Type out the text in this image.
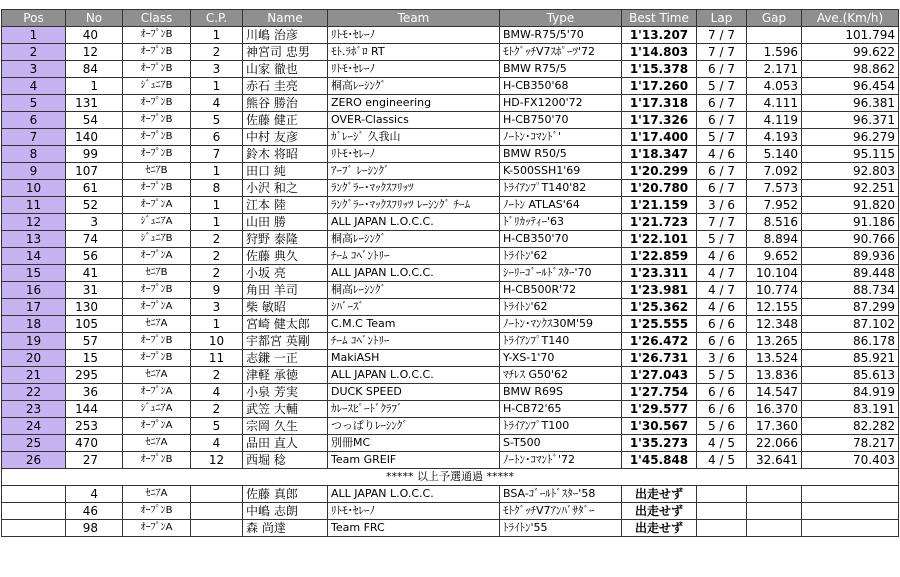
Pos	No	Class	C.P.	Name	Team	Type	Best Time	Lap	Gap	Ave.(Km/h)
1	40	ｵｰﾌﾟﾝB	1	川嶋 治彦	ﾘﾄﾓ･ｾﾚｰﾉ	BMW-R75/5'70	1'13.207	7 / 7		101.794
2	12	ｵｰﾌﾟﾝB	2	神宮司 忠男	ﾓﾄ.ﾗﾎﾞﾛ RT	ﾓﾄｸﾞｯﾁV7ｽﾎﾟｰﾂ'72	1'14.803	7 / 7	1.596	99.622
3	84	ｵｰﾌﾟﾝB	3	山家 徹也	ﾘﾄﾓ･ｾﾚｰﾉ	BMW R75/5	1'15.378	6 / 7	2.171	98.862
4	1	ｼﾞｭﾆｱB	1	赤石 圭亮	桐高ﾚｰｼﾝｸﾞ	H-CB350'68	1'17.260	5 / 7	4.053	96.454
5	131	ｵｰﾌﾟﾝB	4	熊谷 勝治	ZERO engineering	HD-FX1200'72	1'17.318	6 / 7	4.111	96.381
6	54	ｵｰﾌﾟﾝB	5	佐藤 健正	OVER-Classics	H-CB750'70	1'17.326	6 / 7	4.119	96.371
7	140	ｵｰﾌﾟﾝB	6	中村 友彦	ｶﾞﾚｰｼﾞ 久我山	ﾉｰﾄﾝ･ｺﾏﾝﾄﾞ'	1'17.400	5 / 7	4.193	96.279
8	99	ｵｰﾌﾟﾝB	7	鈴木 将昭	ﾘﾄﾓ･ｾﾚｰﾉ	BMW R50/5	1'18.347	4 / 6	5.140	95.115
9	107	ｾﾆｱB	1	田口 純	ｱｰﾌﾞ ﾚｰｼﾝｸﾞ	K-500SSH1'69	1'20.299	6 / 7	7.092	92.803
10	61	ｵｰﾌﾟﾝB	8	小沢 和之	ﾗﾝｸﾞﾗｰ･ﾏｯｸｽﾌﾘｯﾂ	ﾄﾗｲｱﾝﾌﾟT140'82	1'20.780	6 / 7	7.573	92.251
11	52	ｵｰﾌﾟﾝA	1	江本 陸	ﾗﾝｸﾞﾗｰ･ﾏｯｸｽﾌﾘｯﾂ ﾚｰｼﾝｸﾞ ﾁｰﾑ	ﾉｰﾄﾝ ATLAS'64	1'21.159	3 / 6	7.952	91.820
12	3	ｼﾞｭﾆｱA	1	山田 勝	ALL JAPAN L.O.C.C.	ﾄﾞﾘｶｯﾃｨｰ'63	1'21.723	7 / 7	8.516	91.186
13	74	ｼﾞｭﾆｱB	2	狩野 泰隆	桐高ﾚｰｼﾝｸﾞ	H-CB350'70	1'22.101	5 / 7	8.894	90.766
14	56	ｵｰﾌﾟﾝA	2	佐藤 典久	ﾁｰﾑ ｺﾍﾞﾝﾄﾘｰ	ﾄﾗｲﾄﾝ'62	1'22.859	4 / 6	9.652	89.936
15	41	ｾﾆｱB	2	小坂 亮	ALL JAPAN L.O.C.C.	ｼｰﾘｰｺﾞｰﾙﾄﾞｽﾀｰ'70	1'23.311	4 / 7	10.104	89.448
16	31	ｵｰﾌﾟﾝB	9	角田 羊司	桐高ﾚｰｼﾝｸﾞ	H-CB500R'72	1'23.981	4 / 7	10.774	88.734
17	130	ｵｰﾌﾟﾝA	3	柴 敏昭	ｼﾊﾞｰｽﾞ	ﾄﾗｲﾄﾝ'62	1'25.362	4 / 6	12.155	87.299
18	105	ｾﾆｱA	1	宮崎 健太郎	C.M.C Team	ﾉｰﾄﾝ･ﾏﾝｸｽ30M'59	1'25.555	6 / 6	12.348	87.102
19	57	ｵｰﾌﾟﾝB	10	宇都宮 英剛	ﾁｰﾑ ｺﾍﾞﾝﾄﾘｰ	ﾄﾗｲｱﾝﾌﾟT140	1'26.472	6 / 6	13.265	86.178
20	15	ｵｰﾌﾟﾝB	11	志鎌 一正	MakiASH	Y-XS-1'70	1'26.731	3 / 6	13.524	85.921
21	295	ｾﾆｱA	2	津軽 承徳	ALL JAPAN L.O.C.C.	ﾏﾁﾚｽ G50'62	1'27.043	5 / 5	13.836	85.613
22	36	ｵｰﾌﾟﾝA	4	小泉 芳実	DUCK SPEED	BMW R69S	1'27.754	6 / 6	14.547	84.919
23	144	ｼﾞｭﾆｱA	2	武笠 大輔	ｶﾚｰｽﾋﾟｰﾄﾞｸﾗﾌﾞ	H-CB72'65	1'29.577	6 / 6	16.370	83.191
24	253	ｵｰﾌﾟﾝA	5	宗岡 久生	つっぱりﾚｰｼﾝｸﾞ	ﾄﾗｲｱﾝﾌﾟT100	1'30.567	5 / 6	17.360	82.282
25	470	ｾﾆｱA	4	品田 直人	別冊MC	S-T500	1'35.273	4 / 5	22.066	78.217
26	27	ｵｰﾌﾟﾝB	12	西堀 稔	Team GREIF	ﾉｰﾄﾝ･ｺﾏﾝﾄﾞ'72	1'45.848	4 / 5	32.641	70.403
***** 以上予選通過 *****										
	4	ｾﾆｱA		佐藤 真郎	ALL JAPAN L.O.C.C.	BSA-ｺﾞｰﾙﾄﾞｽﾀｰ'58	出走せず			
	46	ｵｰﾌﾟﾝB		中嶋 志朗	ﾘﾄﾓ･ｾﾚｰﾉ	ﾓﾄｸﾞｯﾁV7ｱﾝﾊﾞｻﾀﾞｰ	出走せず			
	98	ｵｰﾌﾟﾝA		森 尚達	Team FRC	ﾄﾗｲﾄﾝ'55	出走せず			
